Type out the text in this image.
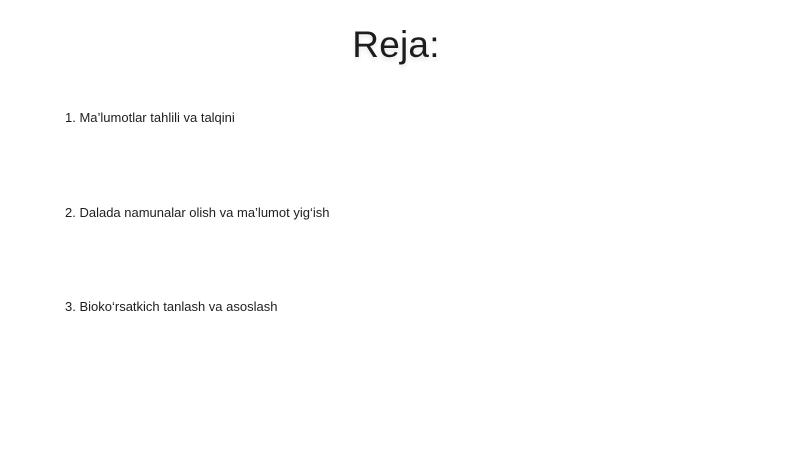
Reja:
1. Ma’lumotlar tahlili va talqini
2. Dalada namunalar olish va ma’lumot yig‘ish
3. Bioko‘rsatkich tanlash va asoslash
